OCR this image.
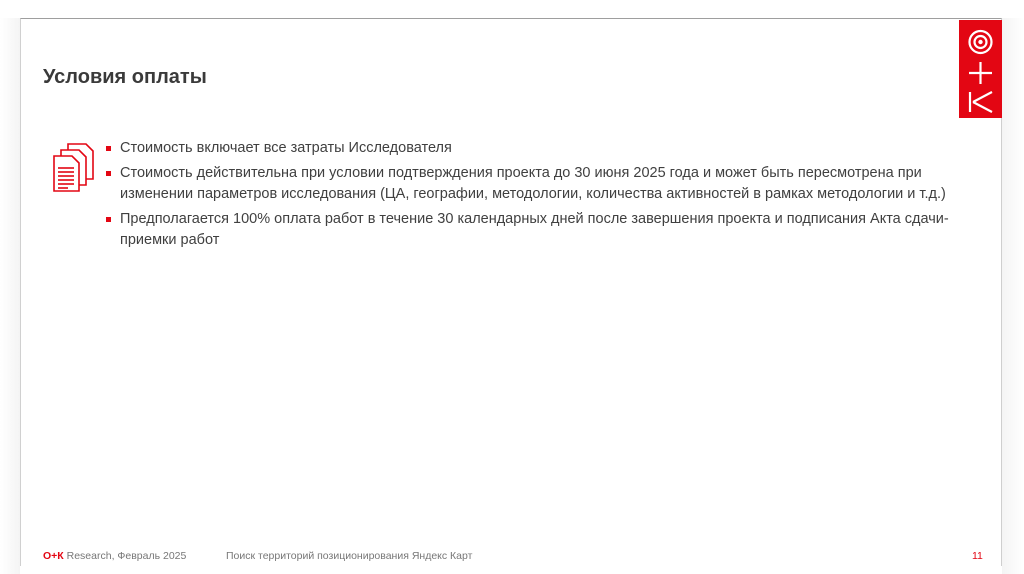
Условия оплаты
Стоимость включает все затраты Исследователя
Стоимость действительна при условии подтверждения проекта до 30 июня 2025 года и может быть пересмотрена при изменении параметров исследования (ЦА, географии, методологии, количества активностей в рамках методологии и т.д.)
Предполагается 100% оплата работ в течение 30 календарных дней после завершения проекта и подписания Акта сдачи-приемки работ
О+К Research, Февраль 2025	Поиск территорий позиционирования Яндекс Карт	11
